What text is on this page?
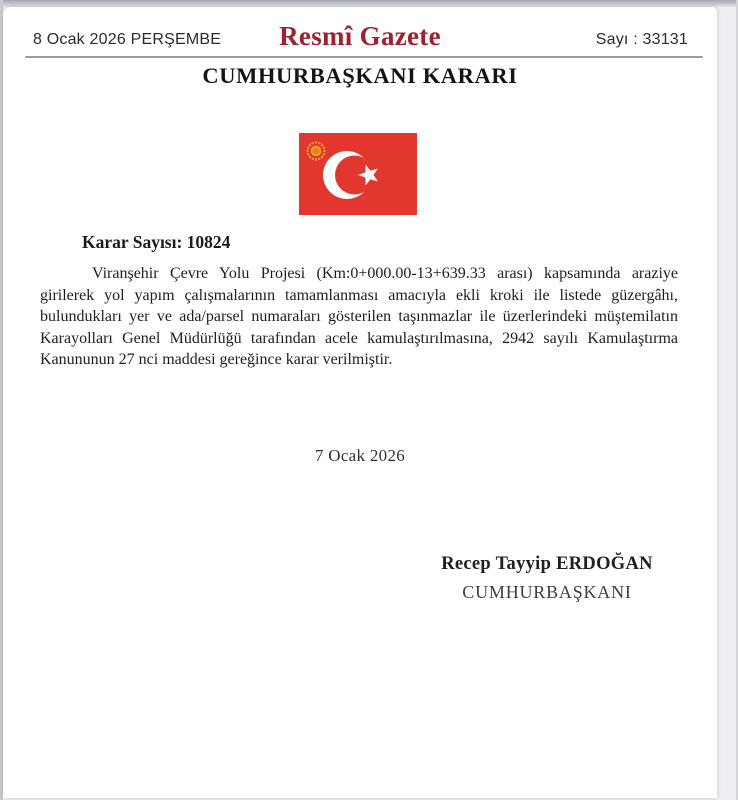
8 Ocak 2026 PERŞEMBE	Resmî Gazete	Sayı : 33131
CUMHURBAŞKANI KARARI
Karar Sayısı: 10824
Viranşehir Çevre Yolu Projesi (Km:0+000.00-13+639.33 arası) kapsamında araziye
girilerek yol yapım çalışmalarının tamamlanması amacıyla ekli kroki ile listede güzergâhı,
bulundukları yer ve ada/parsel numaraları gösterilen taşınmazlar ile üzerlerindeki müştemilatın
Karayolları Genel Müdürlüğü tarafından acele kamulaştırılmasına, 2942 sayılı Kamulaştırma
Kanununun 27 nci maddesi gereğince karar verilmiştir.
7 Ocak 2026
Recep Tayyip ERDOĞAN
CUMHURBAŞKANI
